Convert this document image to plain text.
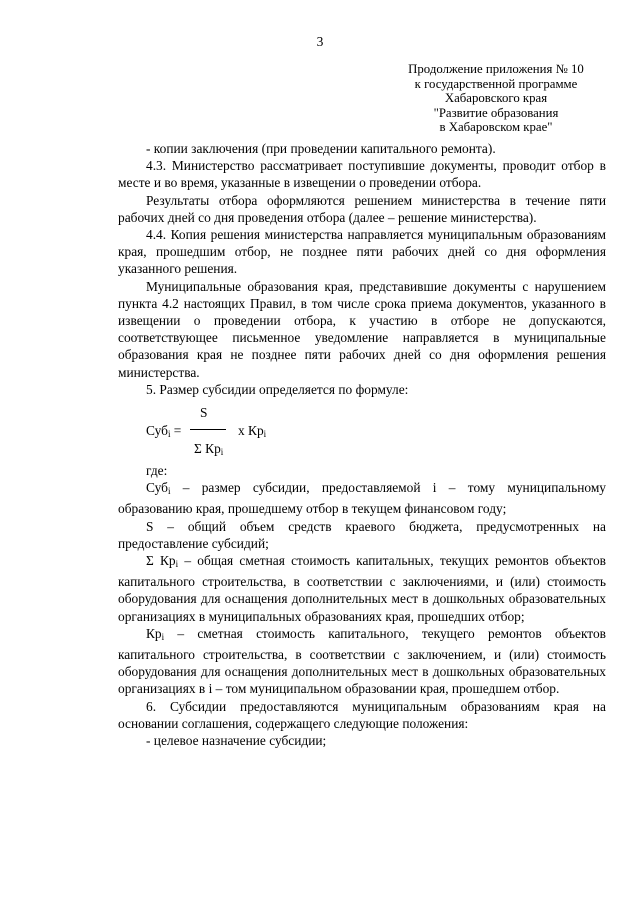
3
Продолжение приложения № 10
к государственной программе
Хабаровского края
"Развитие образования
в Хабаровском крае"

- копии заключения (при проведении капитального ремонта).

4.3. Министерство рассматривает поступившие документы, проводит отбор в месте и во время, указанные в извещении о проведении отбора.

Результаты отбора оформляются решением министерства в течение пяти рабочих дней со дня проведения отбора (далее – решение министерства).

4.4. Копия решения министерства направляется муниципальным образованиям края, прошедшим отбор, не позднее пяти рабочих дней со дня оформления указанного решения.

Муниципальные образования края, представившие документы с нарушением пункта 4.2 настоящих Правил, в том числе срока приема документов, указанного в извещении о проведении отбора, к участию в отборе не допускаются, соответствующее письменное уведомление направляется в муниципальные образования края не позднее пяти рабочих дней со дня оформления решения министерства.

5. Размер субсидии определяется по формуле:

S
Суб$_i$ =	х $Кр_i$
Σ $Кр_i$

где:

Суб$_i$ – размер субсидии, предоставляемой i – тому муниципальному образованию края, прошедшему отбор в текущем финансовом году;

S – общий объем средств краевого бюджета, предусмотренных на предоставление субсидий;

Σ $Кр_i$ – общая сметная стоимость капитальных, текущих ремонтов объектов капитального строительства, в соответствии с заключениями, и (или) стоимость оборудования для оснащения дополнительных мест в дошкольных образовательных организациях в муниципальных образованиях края, прошедших отбор;

$Кр_i$ – сметная стоимость капитального, текущего ремонтов объектов капитального строительства, в соответствии с заключением, и (или) стоимость оборудования для оснащения дополнительных мест в дошкольных образовательных организациях в i – том муниципальном образовании края, прошедшем отбор.

6. Субсидии предоставляются муниципальным образованиям края на основании соглашения, содержащего следующие положения:

- целевое назначение субсидии;
